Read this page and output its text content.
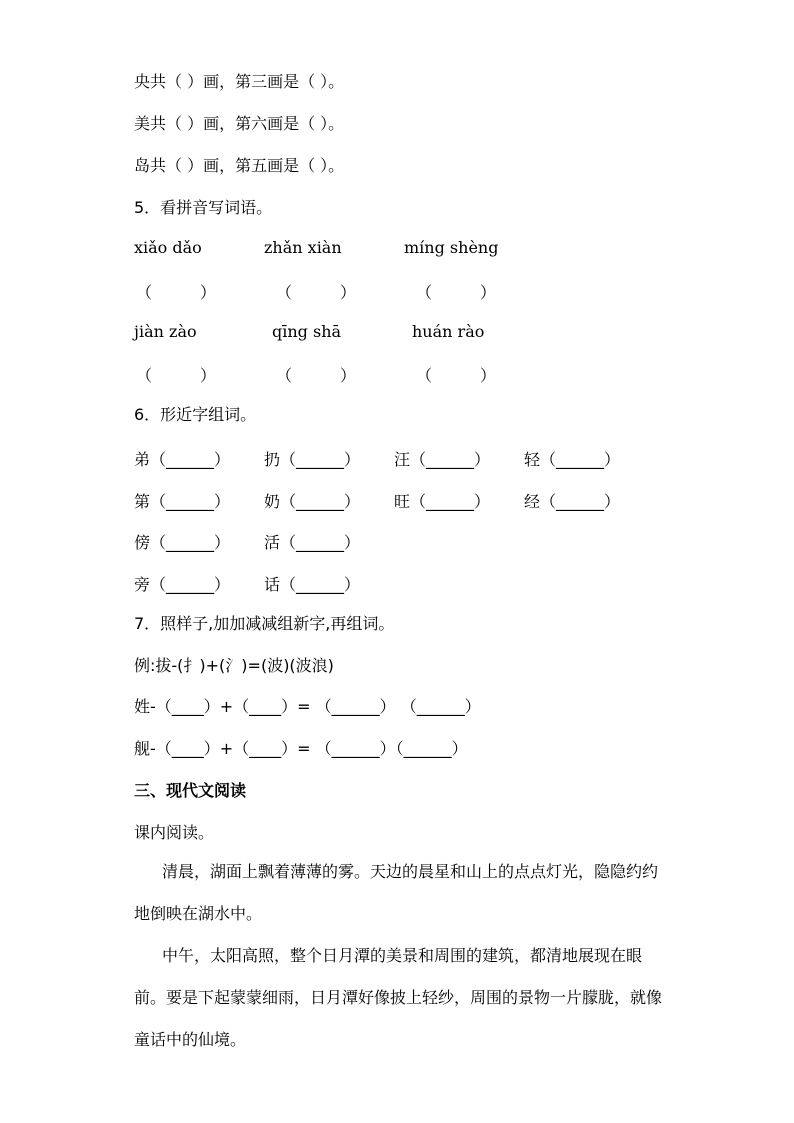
央共（ ）画，第三画是（ ）。
美共（ ）画，第六画是（ ）。
岛共（ ）画，第五画是（ ）。
5．看拼音写词语。
xiǎo dǎo	zhǎn xiàn	míng shèng
（　　　）	（　　　）	（　　　）
jiàn zào	qīng shā	huán rào
（　　　）	（　　　）	（　　　）
6．形近字组词。
弟（______） 扔（______） 汪（______） 轻（______）
第（______） 奶（______） 旺（______） 经（______）
傍（______） 活（______）
旁（______） 话（______）
7．照样子,加加减减组新字,再组词。
例:拔-(扌)+(氵)=(波)(波浪)
姓-（____）+（____）= （______） （______）
舰-（____）+（____）= （______）（______）
三、现代文阅读
课内阅读。
清晨，湖面上飘着薄薄的雾。天边的晨星和山上的点点灯光，隐隐约约地倒映在湖水中。
中午，太阳高照，整个日月潭的美景和周围的建筑，都清地展现在眼前。要是下起蒙蒙细雨，日月潭好像披上轻纱，周围的景物一片朦胧，就像童话中的仙境。
